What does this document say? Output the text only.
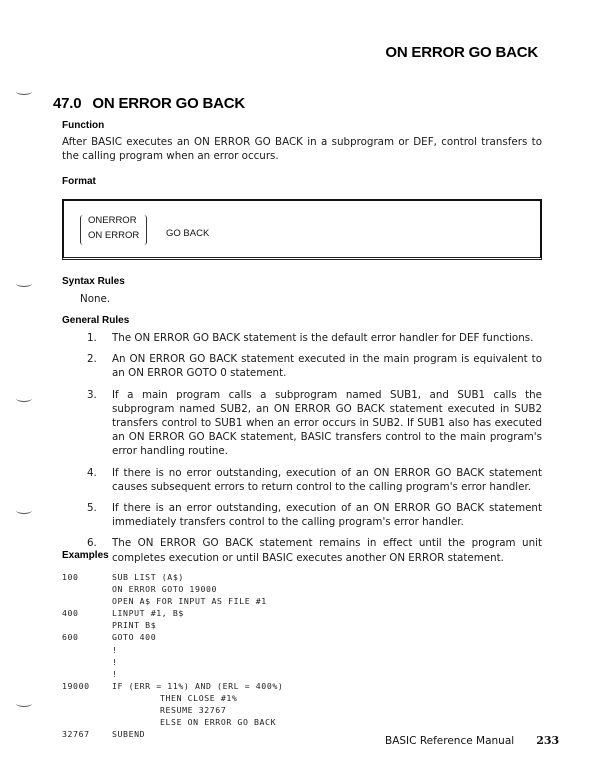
ON ERROR GO BACK
47.0 ON ERROR GO BACK
Function
After BASIC executes an ON ERROR GO BACK in a subprogram or DEF, control transfers to the calling program when an error occurs.
Format
ONERROR
ON ERROR	GO BACK
Syntax Rules
None.
General Rules
1. The ON ERROR GO BACK statement is the default error handler for DEF functions.
2. An ON ERROR GO BACK statement executed in the main program is equivalent to an ON ERROR GOTO 0 statement.
3. If a main program calls a subprogram named SUB1, and SUB1 calls the subprogram named SUB2, an ON ERROR GO BACK statement executed in SUB2 transfers control to SUB1 when an error occurs in SUB2. If SUB1 also has executed an ON ERROR GO BACK statement, BASIC transfers control to the main program's error handling routine.
4. If there is no error outstanding, execution of an ON ERROR GO BACK statement causes subsequent errors to return control to the calling program's error handler.
5. If there is an error outstanding, execution of an ON ERROR GO BACK statement immediately transfers control to the calling program's error handler.
6. The ON ERROR GO BACK statement remains in effect until the program unit completes execution or until BASIC executes another ON ERROR statement.
Examples
100	SUB LIST (A$)
ON ERROR GOTO 19000
OPEN A$ FOR INPUT AS FILE #1
400	LINPUT #1, B$
PRINT B$
600	GOTO 400
!
!
!
19000	IF (ERR = 11%) AND (ERL = 400%)
THEN CLOSE #1%
RESUME 32767
ELSE ON ERROR GO BACK
32767	SUBEND
BASIC Reference Manual 233
